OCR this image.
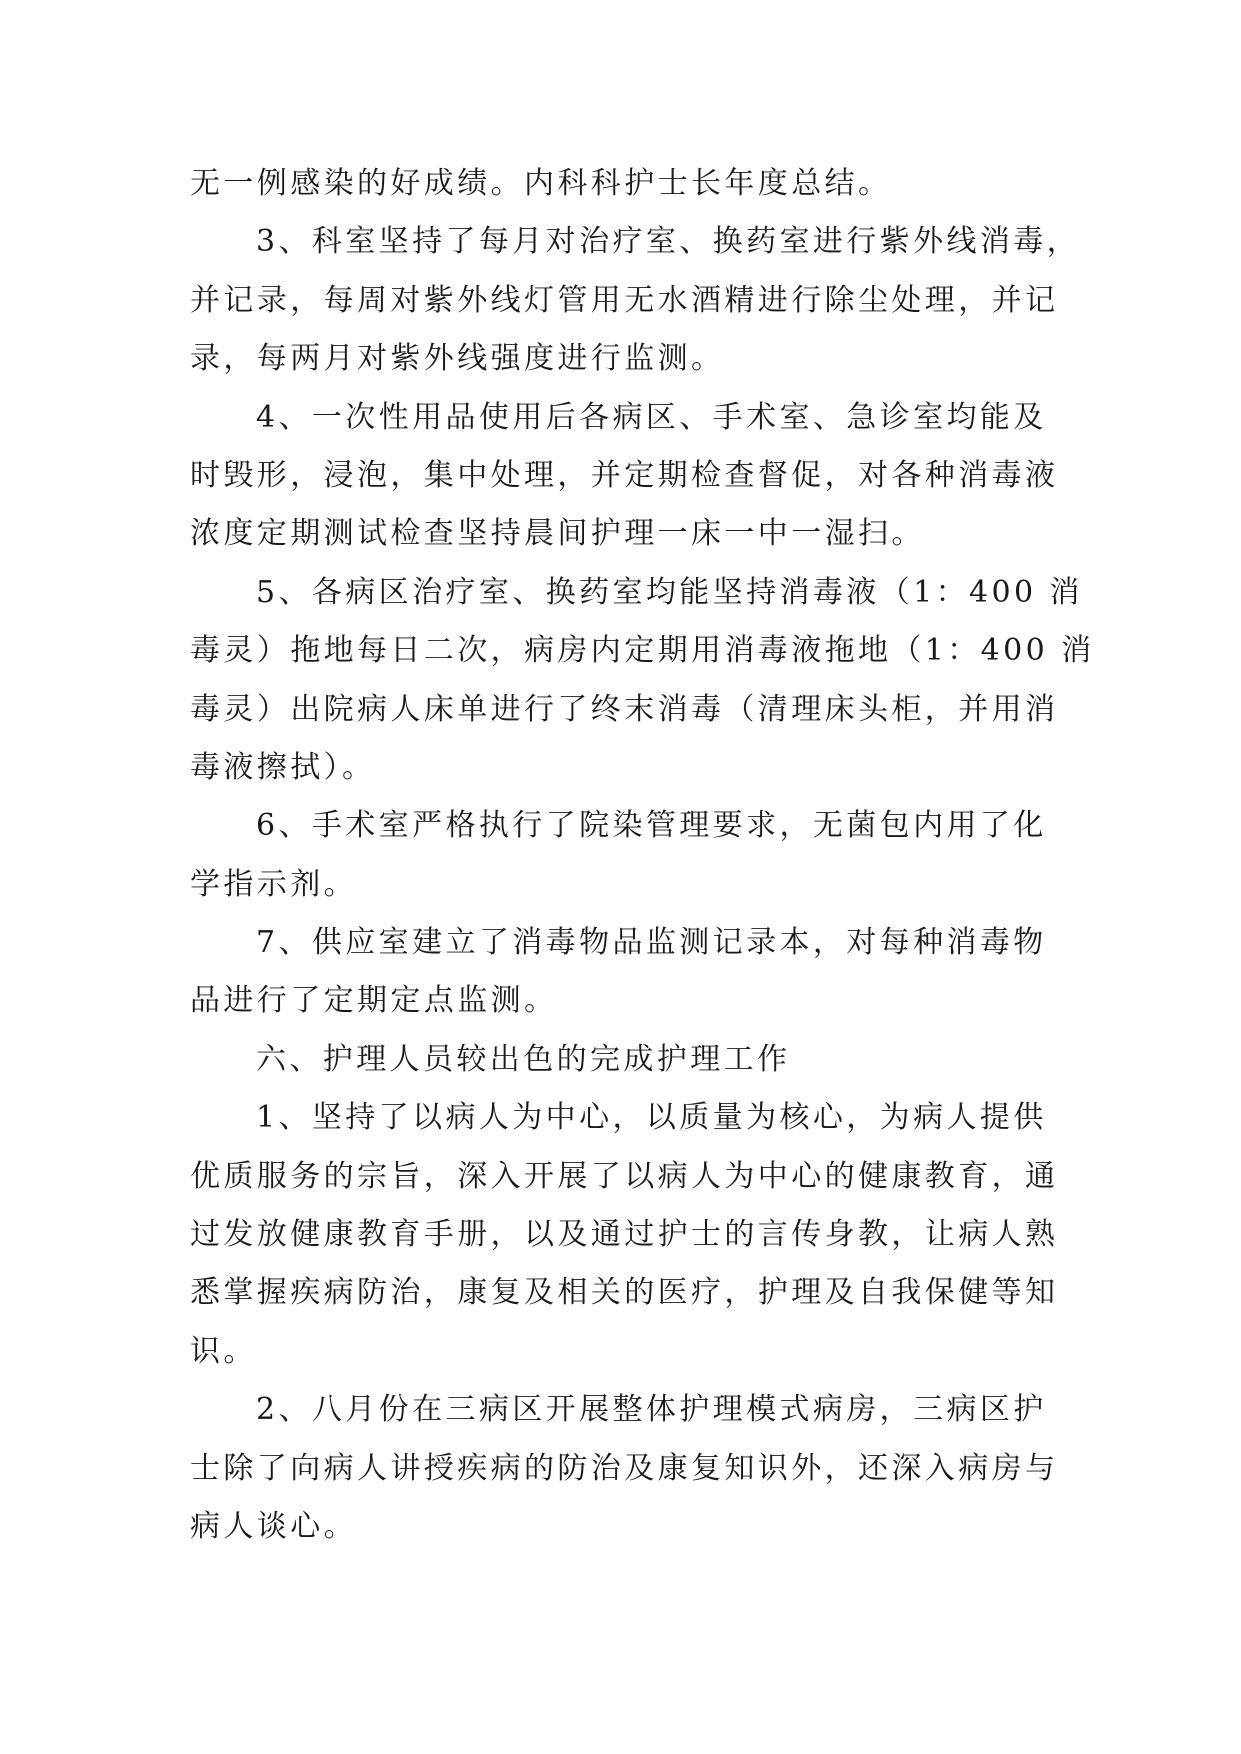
无一例感染的好成绩。内科科护士长年度总结。
3、科室坚持了每月对治疗室、换药室进行紫外线消毒，
并记录，每周对紫外线灯管用无水酒精进行除尘处理，并记
录，每两月对紫外线强度进行监测。
4、一次性用品使用后各病区、手术室、急诊室均能及
时毁形，浸泡，集中处理，并定期检查督促，对各种消毒液
浓度定期测试检查坚持晨间护理一床一中一湿扫。
5、各病区治疗室、换药室均能坚持消毒液（1：400 消
毒灵）拖地每日二次，病房内定期用消毒液拖地（1：400 消
毒灵）出院病人床单进行了终末消毒（清理床头柜，并用消
毒液擦拭）。
6、手术室严格执行了院染管理要求，无菌包内用了化
学指示剂。
7、供应室建立了消毒物品监测记录本，对每种消毒物
品进行了定期定点监测。
六、护理人员较出色的完成护理工作
1、坚持了以病人为中心，以质量为核心，为病人提供
优质服务的宗旨，深入开展了以病人为中心的健康教育，通
过发放健康教育手册，以及通过护士的言传身教，让病人熟
悉掌握疾病防治，康复及相关的医疗，护理及自我保健等知
识。
2、八月份在三病区开展整体护理模式病房，三病区护
士除了向病人讲授疾病的防治及康复知识外，还深入病房与
病人谈心。
